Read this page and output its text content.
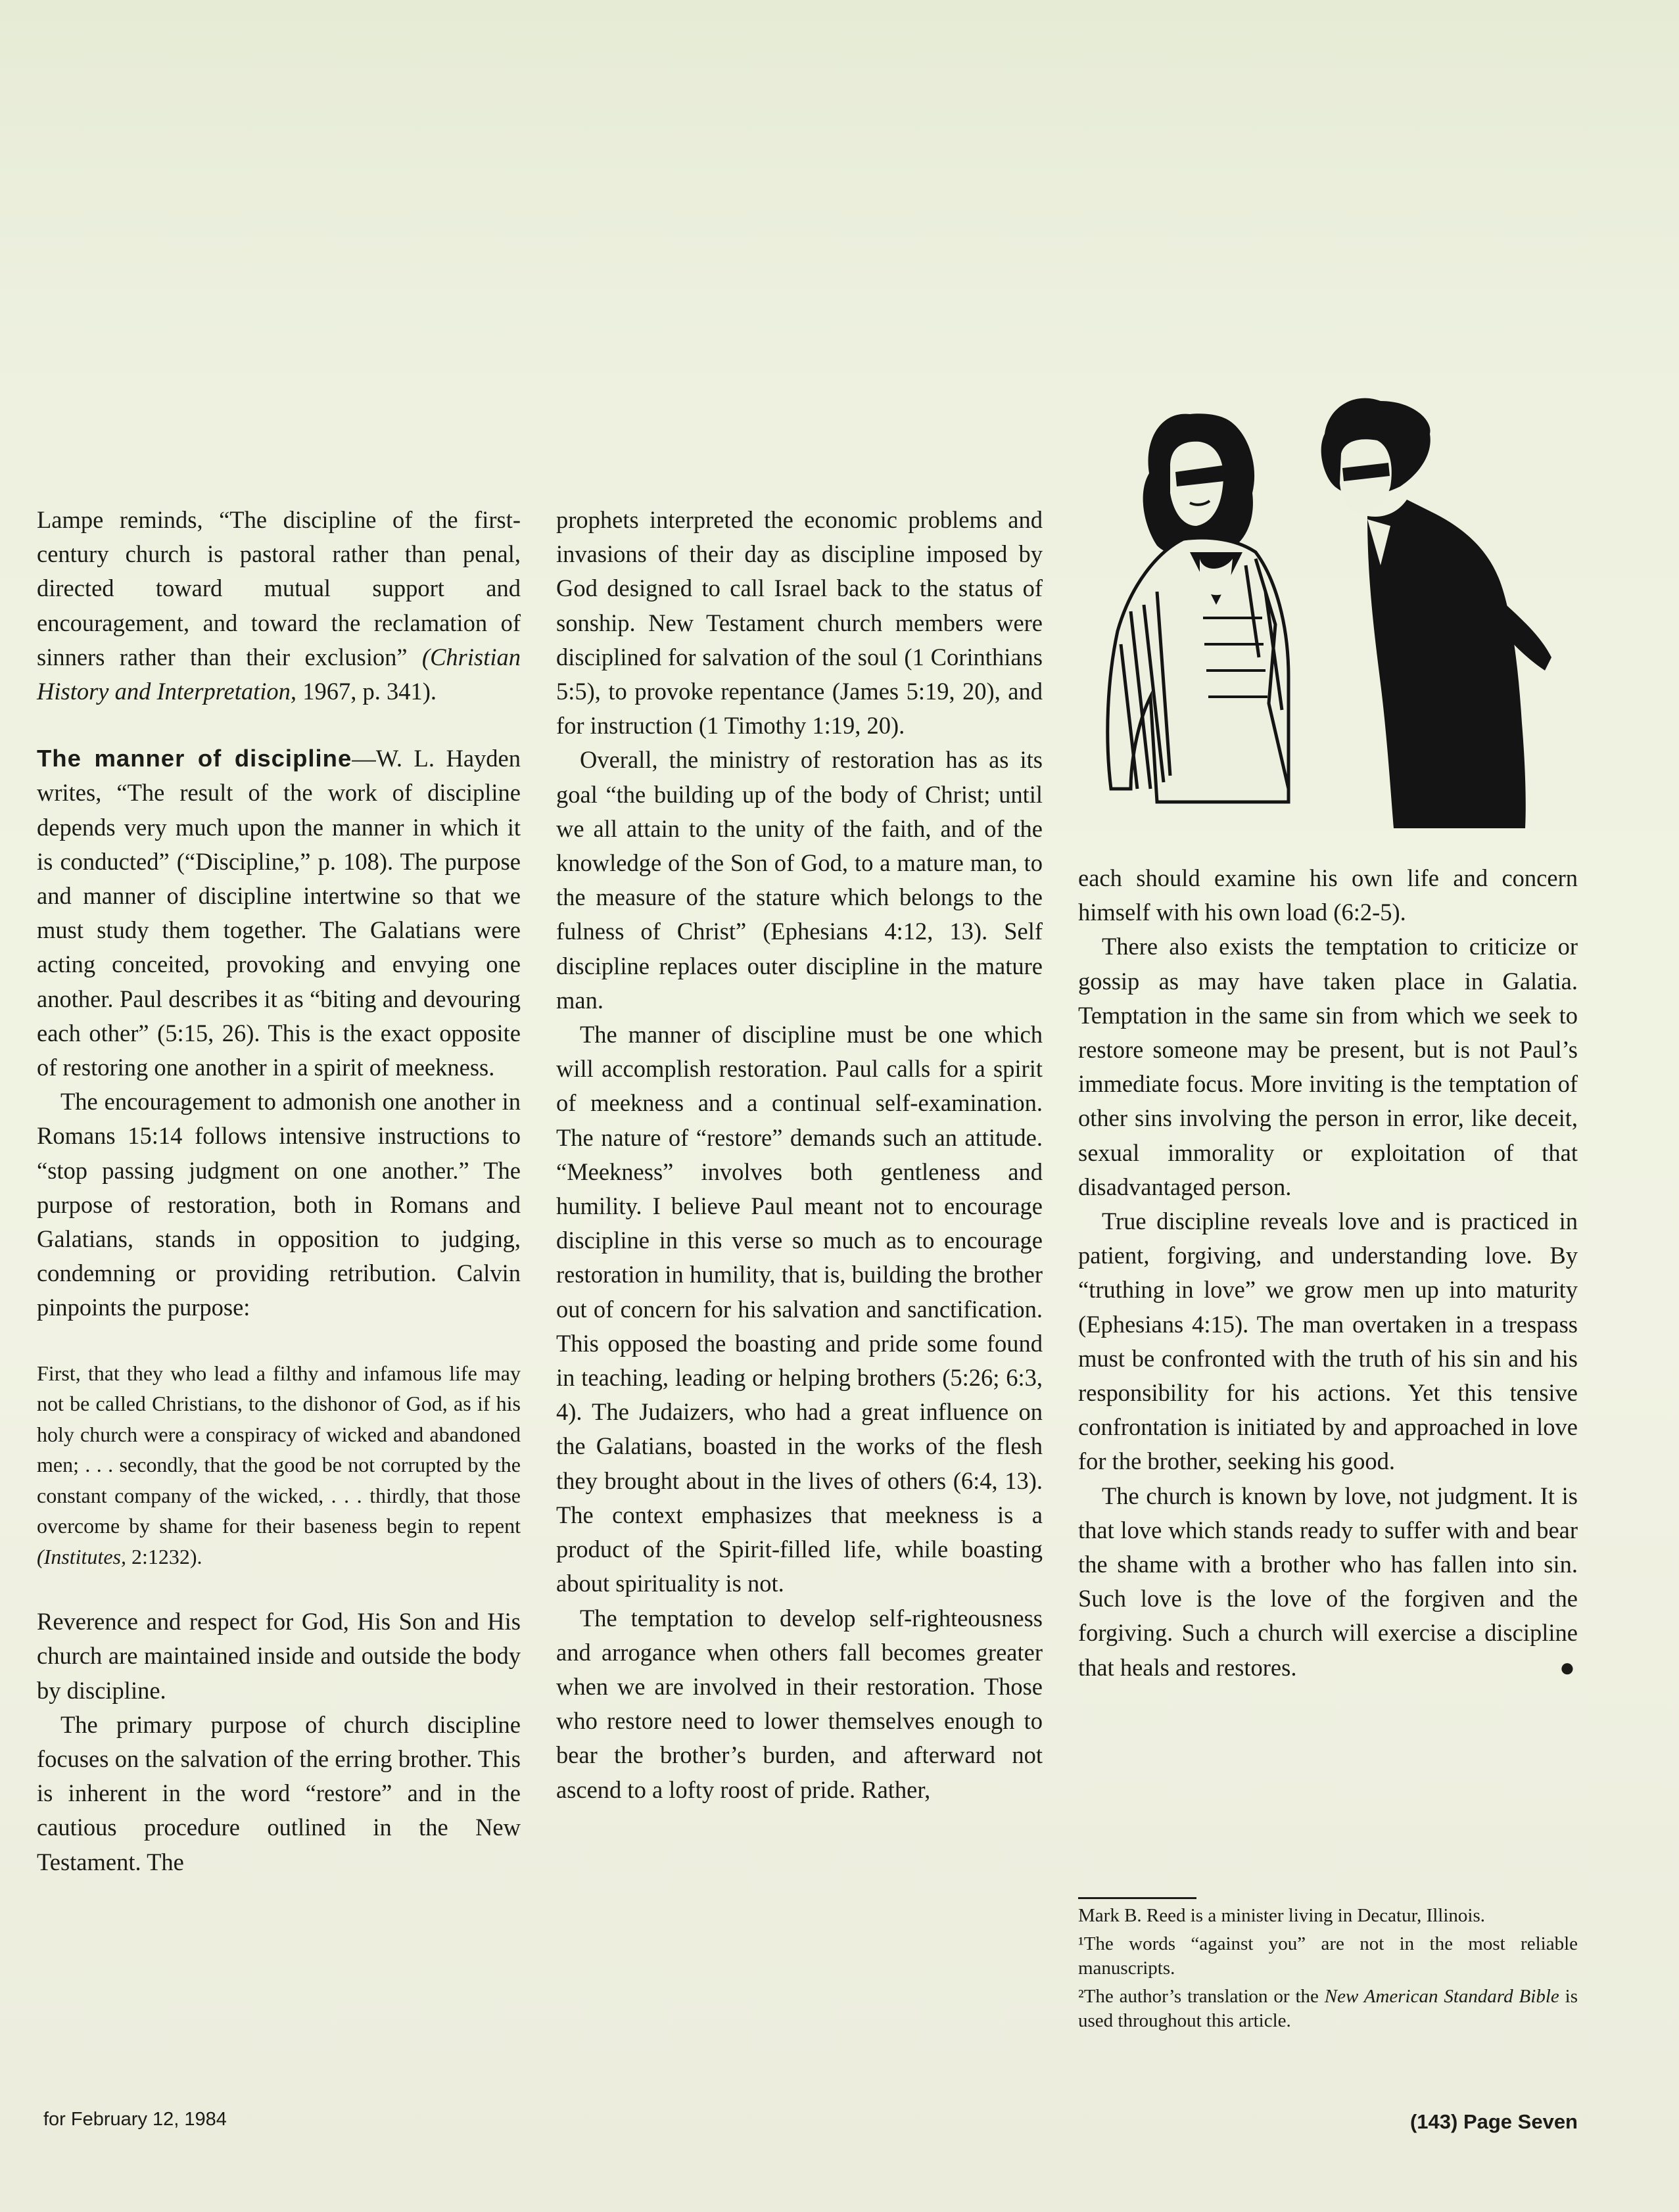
Lampe reminds, “The discipline of the first-century church is pastoral rather than penal, directed toward mutual support and encouragement, and toward the reclamation of sinners rather than their exclusion” (Christian History and Interpretation, 1967, p. 341).

The manner of discipline—W. L. Hayden writes, “The result of the work of discipline depends very much upon the manner in which it is conducted” (“Discipline,” p. 108). The purpose and manner of discipline intertwine so that we must study them together. The Galatians were acting conceited, provoking and envying one another. Paul describes it as “biting and devouring each other” (5:15, 26). This is the exact opposite of restoring one another in a spirit of meekness.

The encouragement to admonish one another in Romans 15:14 follows intensive instructions to “stop passing judgment on one another.” The purpose of restoration, both in Romans and Galatians, stands in opposition to judging, condemning or providing retribution. Calvin pinpoints the purpose:

First, that they who lead a filthy and infamous life may not be called Christians, to the dishonor of God, as if his holy church were a conspiracy of wicked and abandoned men; . . . secondly, that the good be not corrupted by the constant company of the wicked, . . . thirdly, that those overcome by shame for their baseness begin to repent (Institutes, 2:1232).

Reverence and respect for God, His Son and His church are maintained inside and outside the body by discipline.

The primary purpose of church discipline focuses on the salvation of the erring brother. This is inherent in the word “restore” and in the cautious procedure outlined in the New Testament. The

prophets interpreted the economic problems and invasions of their day as discipline imposed by God designed to call Israel back to the status of sonship. New Testament church members were disciplined for salvation of the soul (1 Corinthians 5:5), to provoke repentance (James 5:19, 20), and for instruction (1 Timothy 1:19, 20).

Overall, the ministry of restoration has as its goal “the building up of the body of Christ; until we all attain to the unity of the faith, and of the knowledge of the Son of God, to a mature man, to the measure of the stature which belongs to the fulness of Christ” (Ephesians 4:12, 13). Self discipline replaces outer discipline in the mature man.

The manner of discipline must be one which will accomplish restoration. Paul calls for a spirit of meekness and a continual self-examination. The nature of “restore” demands such an attitude. “Meekness” involves both gentleness and humility. I believe Paul meant not to encourage discipline in this verse so much as to encourage restoration in humility, that is, building the brother out of concern for his salvation and sanctification. This opposed the boasting and pride some found in teaching, leading or helping brothers (5:26; 6:3, 4). The Judaizers, who had a great influence on the Galatians, boasted in the works of the flesh they brought about in the lives of others (6:4, 13). The context emphasizes that meekness is a product of the Spirit-filled life, while boasting about spirituality is not.

The temptation to develop self-righteousness and arrogance when others fall becomes greater when we are involved in their restoration. Those who restore need to lower themselves enough to bear the brother’s burden, and afterward not ascend to a lofty roost of pride. Rather,

each should examine his own life and concern himself with his own load (6:2-5).

There also exists the temptation to criticize or gossip as may have taken place in Galatia. Temptation in the same sin from which we seek to restore someone may be present, but is not Paul’s immediate focus. More inviting is the temptation of other sins involving the person in error, like deceit, sexual immorality or exploitation of that disadvantaged person.

True discipline reveals love and is practiced in patient, forgiving, and understanding love. By “truthing in love” we grow men up into maturity (Ephesians 4:15). The man overtaken in a trespass must be confronted with the truth of his sin and his responsibility for his actions. Yet this tensive confrontation is initiated by and approached in love for the brother, seeking his good.

The church is known by love, not judgment. It is that love which stands ready to suffer with and bear the shame with a brother who has fallen into sin. Such love is the love of the forgiven and the forgiving. Such a church will exercise a discipline that heals and restores.	●

Mark B. Reed is a minister living in Decatur, Illinois.

¹The words “against you” are not in the most reliable manuscripts.

²The author’s translation or the New American Standard Bible is used throughout this article.

for February 12, 1984	(143) Page Seven
